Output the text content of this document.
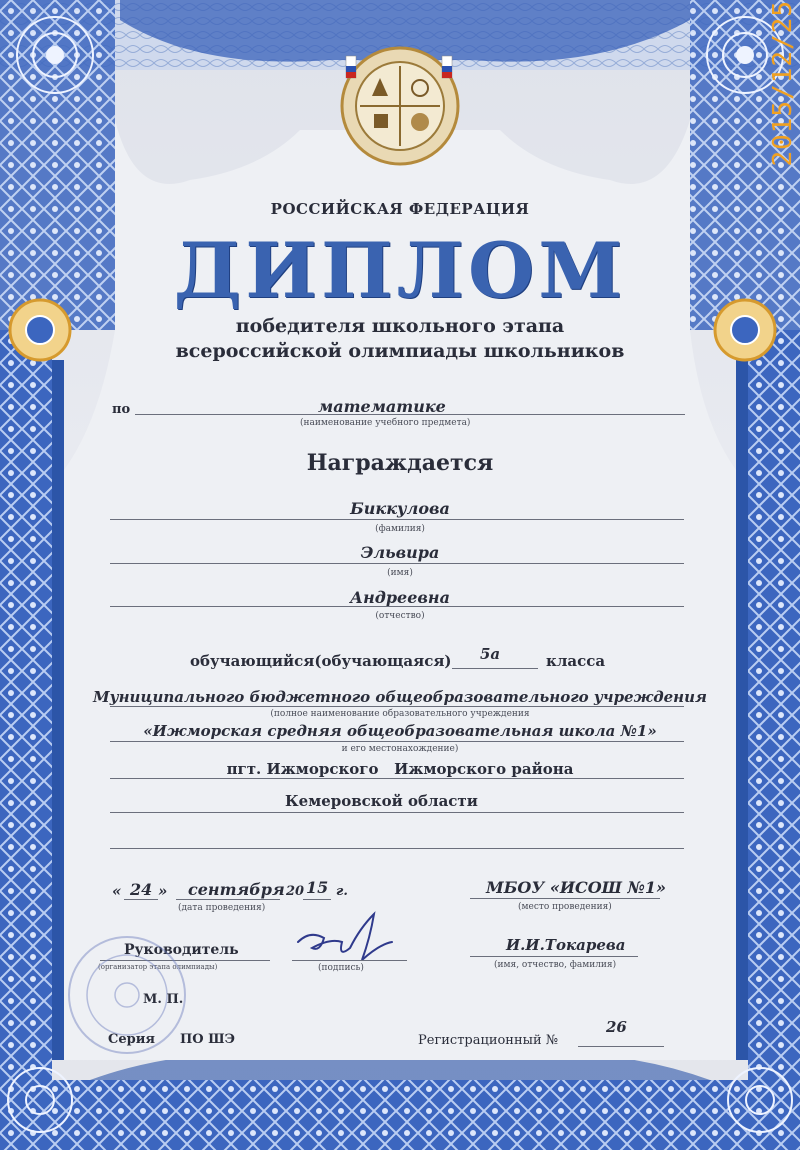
РОССИЙСКАЯ ФЕДЕРАЦИЯ
ДИПЛОМ
победителя школьного этапа
всероссийской олимпиады школьников
по	математике
(наименование учебного предмета)
Награждается
Биккулова
(фамилия)
Эльвира
(имя)
Андреевна
(отчество)
обучающийся(обучающаяся) 5а	класса
Муниципального бюджетного общеобразовательного учреждения
(полное наименование образовательного учреждения
«Ижморская средняя общеобразовательная школа №1»
и его местонахождение)
пгт. Ижморского   Ижморского района
Кемеровской области
« 24 » сентября 20 15 г.
(дата проведения)
МБОУ «ИСОШ №1»
(место проведения)
Руководитель
(организатор этапа олимпиады)	(подпись)
И.И.Токарева
(имя, отчество, фамилия)
М. П.
Серия ПО ШЭ	Регистрационный №
26
2015/12/25
